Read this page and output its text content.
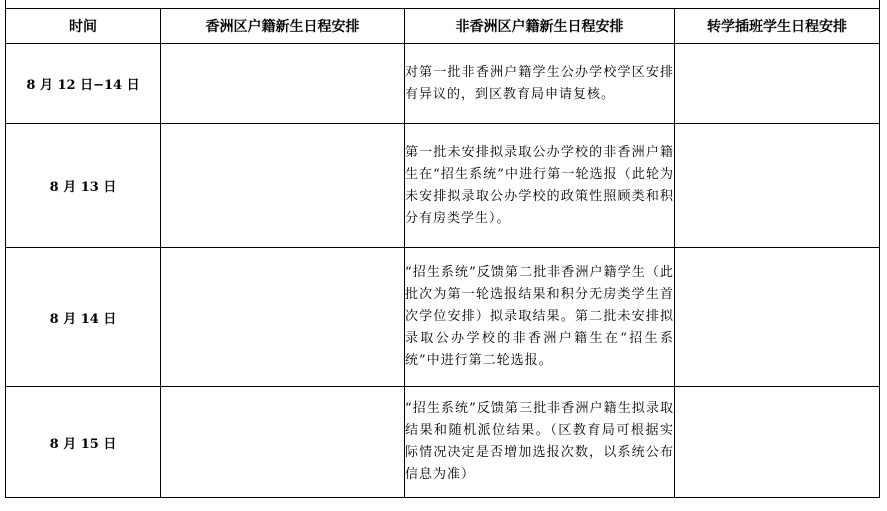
时间	香洲区户籍新生日程安排	非香洲区户籍新生日程安排	转学插班学生日程安排
8 月 12 日−14 日		对第一批非香洲户籍学生公办学校学区安排有异议的，到区教育局申请复核。	
8 月 13 日		第一批未安排拟录取公办学校的非香洲户籍生在“招生系统”中进行第一轮选报（此轮为未安排拟录取公办学校的政策性照顾类和积分有房类学生）。	
8 月 14 日		“招生系统”反馈第二批非香洲户籍学生（此批次为第一轮选报结果和积分无房类学生首次学位安排）拟录取结果。第二批未安排拟录取公办学校的非香洲户籍生在“招生系统”中进行第二轮选报。	
8 月 15 日		“招生系统”反馈第三批非香洲户籍生拟录取结果和随机派位结果。（区教育局可根据实际情况决定是否增加选报次数，以系统公布信息为准）	
